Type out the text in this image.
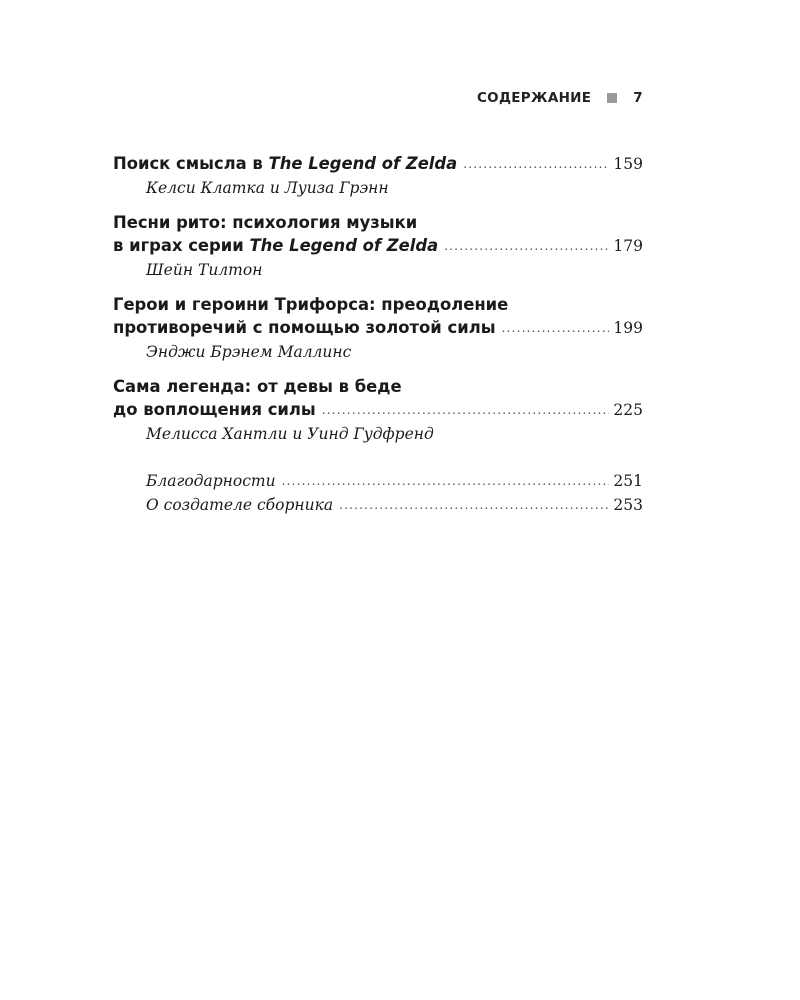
СОДЕРЖАНИЕ	7
Поиск смысла в The Legend of Zelda .....	159
Келси Клатка и Луиза Грэнн
Песни рито: психология музыки
в играх серии The Legend of Zelda .....	179
Шейн Тилтон
Герои и героини Трифорса: преодоление
противоречий с помощью золотой силы .....	199
Энджи Брэнем Маллинс
Сама легенда: от девы в беде
до воплощения силы .....	225
Мелисса Хантли и Уинд Гудфренд
Благодарности .....	251
О создателе сборника .....	253
